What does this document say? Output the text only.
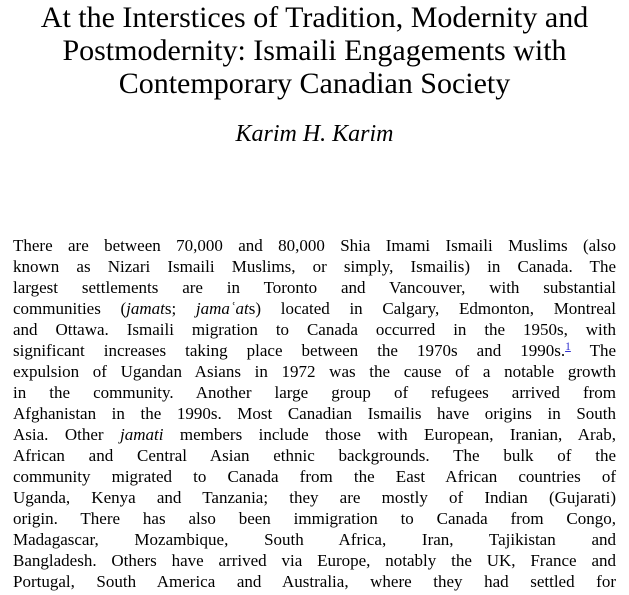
At the Interstices of Tradition, Modernity and
Postmodernity: Ismaili Engagements with
Contemporary Canadian Society
Karim H. Karim
There are between 70,000 and 80,000 Shia Imami Ismaili Muslims (also
known as Nizari Ismaili Muslims, or simply, Ismailis) in Canada. The
largest settlements are in Toronto and Vancouver, with substantial
communities (jamats; jamaʿats) located in Calgary, Edmonton, Montreal
and Ottawa. Ismaili migration to Canada occurred in the 1950s, with
significant increases taking place between the 1970s and 1990s.$^1$ The
expulsion of Ugandan Asians in 1972 was the cause of a notable growth
in the community. Another large group of refugees arrived from
Afghanistan in the 1990s. Most Canadian Ismailis have origins in South
Asia. Other jamati members include those with European, Iranian, Arab,
African and Central Asian ethnic backgrounds. The bulk of the
community migrated to Canada from the East African countries of
Uganda, Kenya and Tanzania; they are mostly of Indian (Gujarati)
origin. There has also been immigration to Canada from Congo,
Madagascar, Mozambique, South Africa, Iran, Tajikistan and
Bangladesh. Others have arrived via Europe, notably the UK, France and
Portugal, South America and Australia, where they had settled for
